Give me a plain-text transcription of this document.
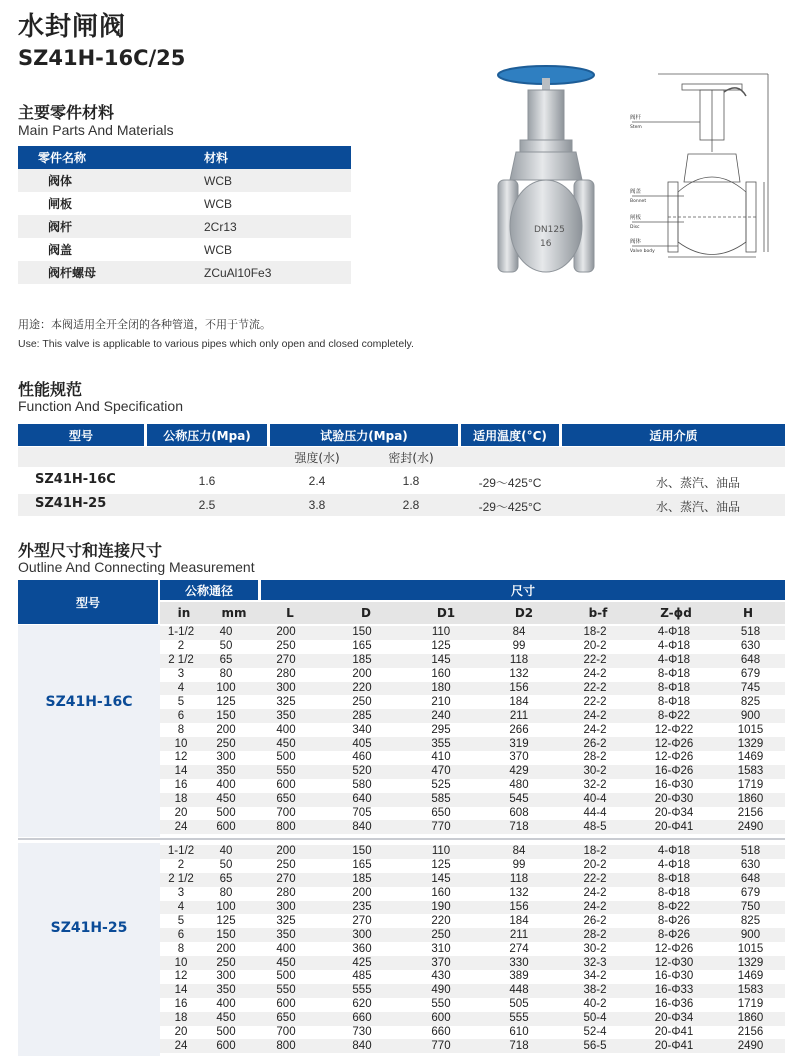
水封闸阀
SZ41H-16C/25
主要零件材料
Main Parts And Materials
零件名称	材料
阀体	WCB
闸板	WCB
阀杆	2Cr13
阀盖	WCB
阀杆螺母	ZCuAl10Fe3
DN125
16
阀杆
Stem
阀盖
Bonnet
闸板
Disc
阀体
Valve body
用途：本阀适用全开全闭的各种管道，不用于节流。
Use: This valve is applicable to various pipes which only open and closed completely.
性能规范
Function And Specification
型号	公称压力(Mpa)	试验压力(Mpa)	适用温度(°C)	适用介质
强度(水)	密封(水)
SZ41H-16C	1.6	2.4	1.8	-29～425°C	水、蒸汽、油品
SZ41H-25	2.5	3.8	2.8	-29～425°C	水、蒸汽、油品
外型尺寸和连接尺寸
Outline And Connecting Measurement
型号
公称通径	尺寸
in	mm	L	D	D1	D2	b-f	Z-ϕd	H
SZ41H-16C
1-1/2	40	200	150	110	84	18-2	4-Φ18	518
2	50	250	165	125	99	20-2	4-Φ18	630
2 1/2	65	270	185	145	118	22-2	4-Φ18	648
3	80	280	200	160	132	24-2	8-Φ18	679
4	100	300	220	180	156	22-2	8-Φ18	745
5	125	325	250	210	184	22-2	8-Φ18	825
6	150	350	285	240	211	24-2	8-Φ22	900
8	200	400	340	295	266	24-2	12-Φ22	1015
10	250	450	405	355	319	26-2	12-Φ26	1329
12	300	500	460	410	370	28-2	12-Φ26	1469
14	350	550	520	470	429	30-2	16-Φ26	1583
16	400	600	580	525	480	32-2	16-Φ30	1719
18	450	650	640	585	545	40-4	20-Φ30	1860
20	500	700	705	650	608	44-4	20-Φ34	2156
24	600	800	840	770	718	48-5	20-Φ41	2490
SZ41H-25
1-1/2	40	200	150	110	84	18-2	4-Φ18	518
2	50	250	165	125	99	20-2	4-Φ18	630
2 1/2	65	270	185	145	118	22-2	8-Φ18	648
3	80	280	200	160	132	24-2	8-Φ18	679
4	100	300	235	190	156	24-2	8-Φ22	750
5	125	325	270	220	184	26-2	8-Φ26	825
6	150	350	300	250	211	28-2	8-Φ26	900
8	200	400	360	310	274	30-2	12-Φ26	1015
10	250	450	425	370	330	32-3	12-Φ30	1329
12	300	500	485	430	389	34-2	16-Φ30	1469
14	350	550	555	490	448	38-2	16-Φ33	1583
16	400	600	620	550	505	40-2	16-Φ36	1719
18	450	650	660	600	555	50-4	20-Φ34	1860
20	500	700	730	660	610	52-4	20-Φ41	2156
24	600	800	840	770	718	56-5	20-Φ41	2490
